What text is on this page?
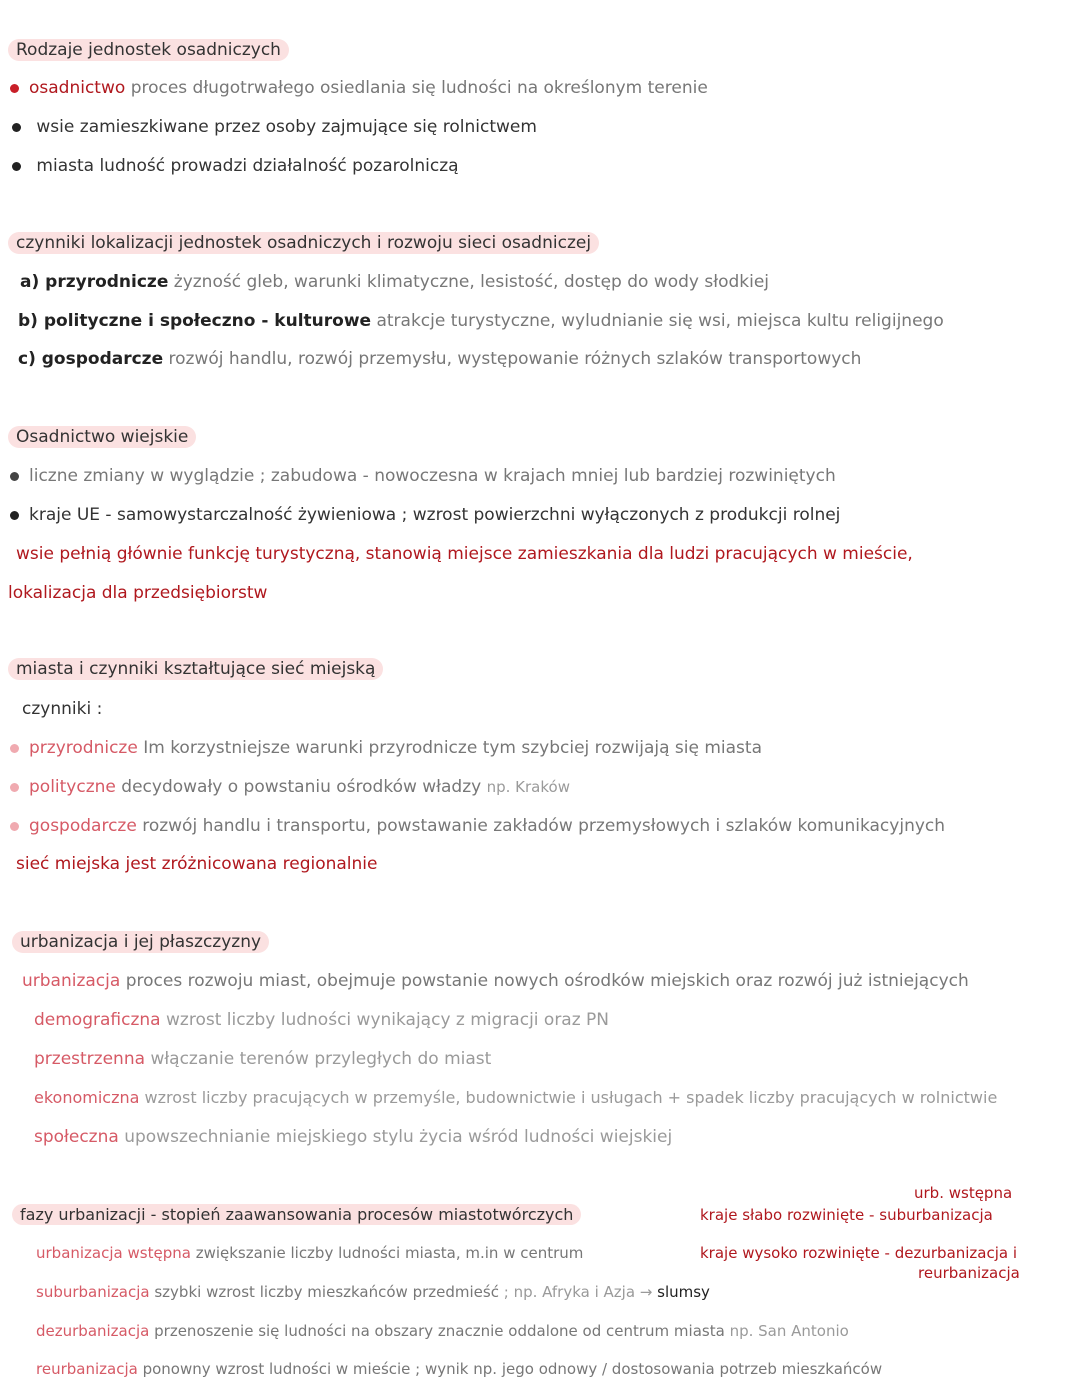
Rodzaje jednostek osadniczych
osadnictwo proces długotrwałego osiedlania się ludności na określonym terenie
wsie zamieszkiwane przez osoby zajmujące się rolnictwem
miasta ludność prowadzi działalność pozarolniczą
czynniki lokalizacji jednostek osadniczych i rozwoju sieci osadniczej
a) przyrodnicze żyzność gleb, warunki klimatyczne, lesistość, dostęp do wody słodkiej
b) polityczne i społeczno - kulturowe atrakcje turystyczne, wyludnianie się wsi, miejsca kultu religijnego
c) gospodarcze rozwój handlu, rozwój przemysłu, występowanie różnych szlaków transportowych
Osadnictwo wiejskie
liczne zmiany w wyglądzie ; zabudowa - nowoczesna w krajach mniej lub bardziej rozwiniętych
kraje UE - samowystarczalność żywieniowa ; wzrost powierzchni wyłączonych z produkcji rolnej
wsie pełnią głównie funkcję turystyczną, stanowią miejsce zamieszkania dla ludzi pracujących w mieście,
lokalizacja dla przedsiębiorstw
miasta i czynniki kształtujące sieć miejską
czynniki :
przyrodnicze Im korzystniejsze warunki przyrodnicze tym szybciej rozwijają się miasta
polityczne decydowały o powstaniu ośrodków władzy np. Kraków
gospodarcze rozwój handlu i transportu, powstawanie zakładów przemysłowych i szlaków komunikacyjnych
sieć miejska jest zróżnicowana regionalnie
urbanizacja i jej płaszczyzny
urbanizacja proces rozwoju miast, obejmuje powstanie nowych ośrodków miejskich oraz rozwój już istniejących
demograficzna wzrost liczby ludności wynikający z migracji oraz PN
przestrzenna włączanie terenów przyległych do miast
ekonomiczna wzrost liczby pracujących w przemyśle, budownictwie i usługach + spadek liczby pracujących w rolnictwie
społeczna upowszechnianie miejskiego stylu życia wśród ludności wiejskiej
fazy urbanizacji - stopień zaawansowania procesów miastotwórczych
urb. wstępna
kraje słabo rozwinięte - suburbanizacja
kraje wysoko rozwinięte - dezurbanizacja i
reurbanizacja
urbanizacja wstępna zwiększanie liczby ludności miasta, m.in w centrum
suburbanizacja szybki wzrost liczby mieszkańców przedmieść ; np. Afryka i Azja → slumsy
dezurbanizacja przenoszenie się ludności na obszary znacznie oddalone od centrum miasta np. San Antonio
reurbanizacja ponowny wzrost ludności w mieście ; wynik np. jego odnowy / dostosowania potrzeb mieszkańców
